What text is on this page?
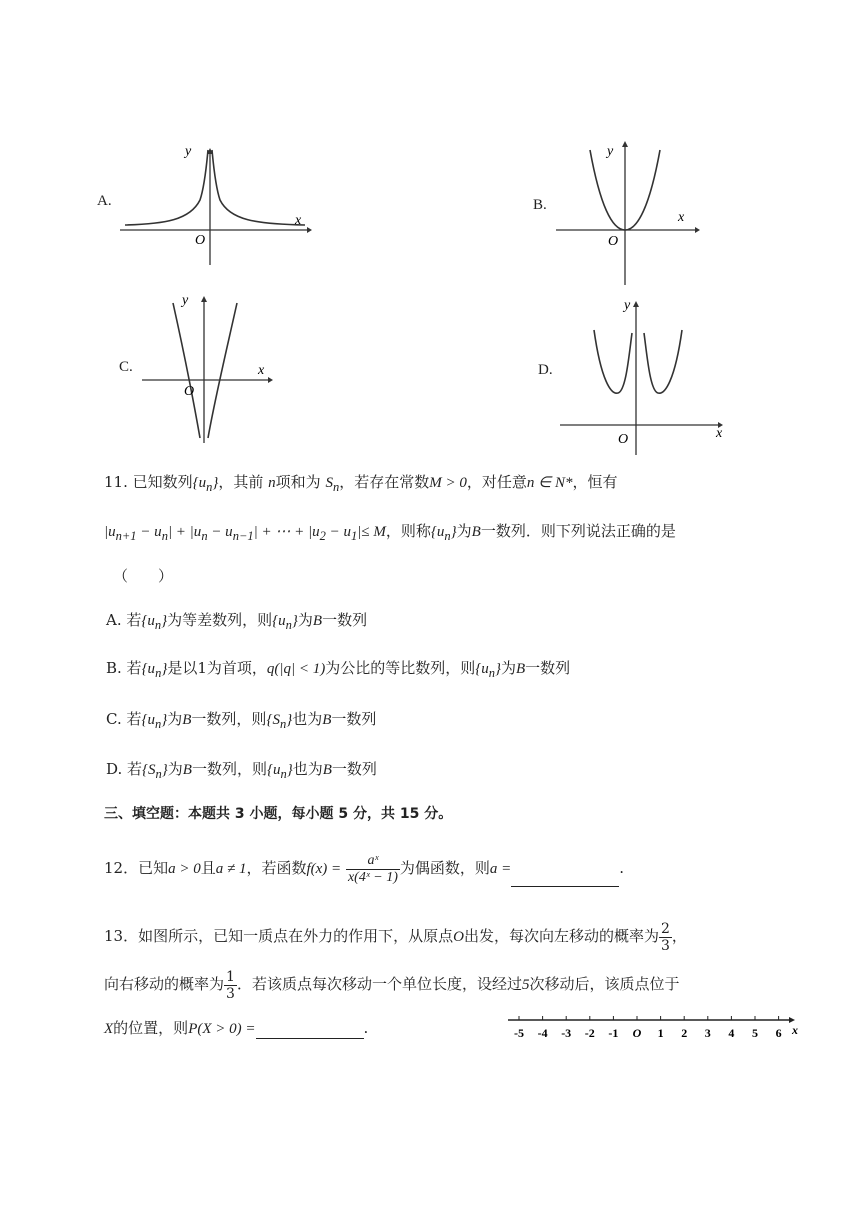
A.
y
x
O
B.
y
x
O
C.
y
x
O
D.
y
x
O
11. 已知数列$\{u_n\}$，其前 n项和为 $S_n$，若存在常数M > 0，对任意n ∈ N*，恒有
$|u_{n+1} - u_n| + |u_n - u_{n-1}|$ + ⋯ + $|u_2 - u_1|\le M$，则称$\{u_n\}$为B一数列．则下列说法正确的是
（　　）
A. 若$\{u_n\}$为等差数列，则$\{u_n\}$为B一数列
B. 若$\{u_n\}$是以1为首项，q(|q| < 1)为公比的等比数列，则$\{u_n\}$为B一数列
C. 若$\{u_n\}$为B一数列，则$\{S_n\}$也为B一数列
D. 若$\{S_n\}$为B一数列，则$\{u_n\}$也为B一数列
三、填空题：本题共 3 小题，每小题 5 分，共 15 分。
12．已知a > 0且a ≠ 1，若函数$f(x) = \frac{\text{aˣ}}{\text{x(4ˣ − 1)}}$ 为偶函数，则a =	.
13．如图所示，已知一质点在外力的作用下，从原点O出发，每次向左移动的概率为 $\frac{2}{3}$ ，
向右移动的概率为 $\frac{1}{3}$ ．若该质点每次移动一个单位长度，设经过5次移动后，该质点位于
X的位置，则P(X > 0) =	.	-5 -4 -3 -2 -1 O 1 2 3 4 5 6 x
